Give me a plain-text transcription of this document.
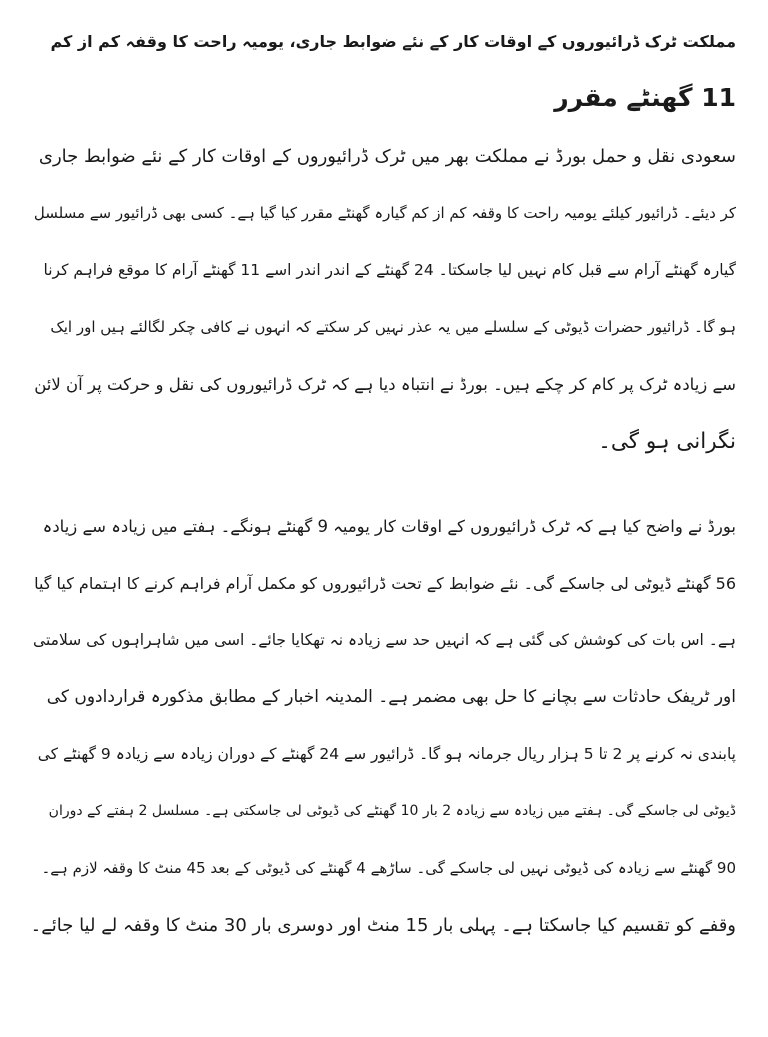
مملکت ٹرک ڈرائیوروں کے اوقات کار کے نئے ضوابط جاری، یومیہ راحت کا وقفہ کم از کم
11 گھنٹے مقرر

سعودی نقل و حمل بورڈ نے مملکت بھر میں ٹرک ڈرائیوروں کے اوقات کار کے نئے ضوابط جاری
کر دیئے۔ ڈرائیور کیلئے یومیہ راحت کا وقفہ کم از کم گیارہ گھنٹے مقرر کیا گیا ہے۔ کسی بھی ڈرائیور سے مسلسل
گیارہ گھنٹے آرام سے قبل کام نہیں لیا جاسکتا۔ 24 گھنٹے کے اندر اندر اسے 11 گھنٹے آرام کا موقع فراہم کرنا
ہو گا۔ ڈرائیور حضرات ڈیوٹی کے سلسلے میں یہ عذر نہیں کر سکتے کہ انہوں نے کافی چکر لگالئے ہیں اور ایک
سے زیادہ ٹرک پر کام کر چکے ہیں۔ بورڈ نے انتباہ دیا ہے کہ ٹرک ڈرائیوروں کی نقل و حرکت پر آن لائن
نگرانی ہو گی۔

بورڈ نے واضح کیا ہے کہ ٹرک ڈرائیوروں کے اوقات کار یومیہ 9 گھنٹے ہونگے۔ ہفتے میں زیادہ سے زیادہ
56 گھنٹے ڈیوٹی لی جاسکے گی۔ نئے ضوابط کے تحت ڈرائیوروں کو مکمل آرام فراہم کرنے کا اہتمام کیا گیا
ہے۔ اس بات کی کوشش کی گئی ہے کہ انہیں حد سے زیادہ نہ تھکایا جائے۔ اسی میں شاہراہوں کی سلامتی
اور ٹریفک حادثات سے بچانے کا حل بھی مضمر ہے۔ المدینہ اخبار کے مطابق مذکورہ قراردادوں کی
پابندی نہ کرنے پر 2 تا 5 ہزار ریال جرمانہ ہو گا۔ ڈرائیور سے 24 گھنٹے کے دوران زیادہ سے زیادہ 9 گھنٹے کی
ڈیوٹی لی جاسکے گی۔ ہفتے میں زیادہ سے زیادہ 2 بار 10 گھنٹے کی ڈیوٹی لی جاسکتی ہے۔ مسلسل 2 ہفتے کے دوران
90 گھنٹے سے زیادہ کی ڈیوٹی نہیں لی جاسکے گی۔ ساڑھے 4 گھنٹے کی ڈیوٹی کے بعد 45 منٹ کا وقفہ لازم ہے۔
وقفے کو تقسیم کیا جاسکتا ہے۔ پہلی بار 15 منٹ اور دوسری بار 30 منٹ کا وقفہ لے لیا جائے۔
